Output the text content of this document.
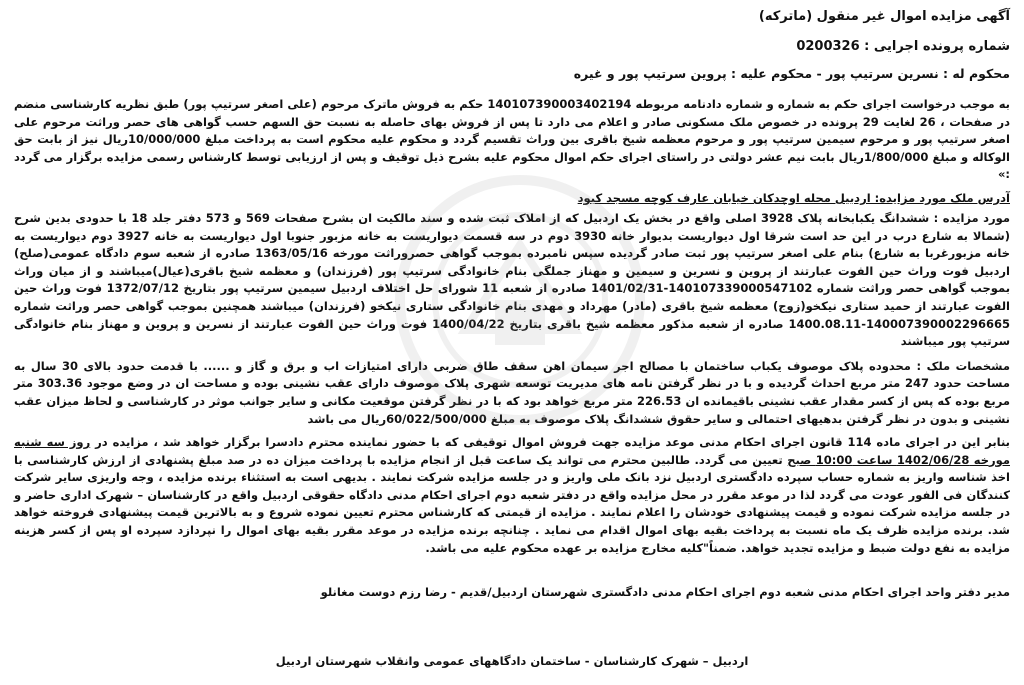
آگهی مزایده اموال غیر منقول (ماترکه)
شماره پرونده اجرایی : 0200326
محکوم له : نسرین سرتیپ پور - محکوم علیه : پروین سرتیپ پور و غیره

به موجب درخواست اجرای حکم به شماره و شماره دادنامه مربوطه 140107390003402194 حکم به فروش ماترک مرحوم (علی اصغر سرتیپ پور) طبق نظریه کارشناسی منضم در صفحات ، 26 لغایت 29 پرونده در خصوص ملک مسکونی صادر و اعلام می دارد تا پس از فروش بهای حاصله به نسبت حق السهم حسب گواهی های حصر وراثت مرحوم علی اصغر سرتیپ پور و مرحوم سیمین سرتیپ پور و مرحوم معظمه شیخ باقری بین وراث تقسیم گردد و محکوم علیه محکوم است به پرداخت مبلغ 10/000/000ریال نیز از بابت حق الوکاله و مبلغ 1/800/000ریال بابت نیم عشر دولتی در راستای اجرای حکم اموال محکوم علیه بشرح ذیل توقیف و پس از ارزیابی توسط کارشناس رسمی مزایده برگزار می گردد :»

آدرس ملک مورد مزایده: اردبیل محله اوچدکان خیابان عارف کوچه مسجد کبود

مورد مزایده : ششدانگ یکبابخانه پلاک 3928 اصلی واقع در بخش یک اردبیل که از املاک ثبت شده و سند مالکیت ان بشرح صفحات 569 و 573 دفتر جلد 18 با حدودی بدین شرح (شمالا به شارع درب در این حد است شرقا اول دیواریست بدیوار خانه 3930 دوم در سه قسمت دیواریست به خانه مزبور جنوبا اول دیواریست به خانه 3927 دوم دیواریست به خانه مزبورغربا به شارع) بنام علی اصغر سرتیپ پور ثبت صادر گردیده سپس نامبرده بموجب گواهی حصروراثت مورخه 1363/05/16 صادره از شعبه سوم دادگاه عمومی(صلح) اردبیل فوت وراث حین الفوت عبارتند از پروین و نسرین و سیمین و مهناز جملگی بنام خانوادگی سرتیپ پور (فرزندان) و معظمه شیخ باقری(عیال)میباشند و از میان وراث بموجب گواهی حصر وراثت شماره 140107339000547102-1401/02/31 صادره از شعبه 11 شورای حل اختلاف اردبیل سیمین سرتیپ پور بتاریخ 1372/07/12 فوت وراث حین الفوت عبارتند از حمید ستاری نیکخو(زوج) معظمه شیخ باقری (مادر) مهرداد و مهدی بنام خانوادگی ستاری نیکخو (فرزندان) میباشند همچنین بموجب گواهی حصر وراثت شماره 140007390002296665-1400.08.11 صادره از شعبه مذکور معظمه شیخ باقری بتاریخ 1400/04/22 فوت وراث حین الفوت عبارتند از نسرین و پروین و مهناز بنام خانوادگی سرتیپ پور میباشند

مشخصات ملک : محدوده پلاک موصوف یکباب ساختمان با مصالح اجر سیمان اهن سقف طاق ضربی دارای امتیازات اب و برق و گاز و ...... با قدمت حدود بالای 30 سال به مساحت حدود 247 متر مربع احداث گردیده و با در نظر گرفتن نامه های مدیریت توسعه شهری پلاک موصوف دارای عقب نشینی بوده و مساحت ان در وضع موجود 303.36 متر مربع بوده که پس از کسر مقدار عقب نشینی باقیمانده ان 226.53 متر مربع خواهد بود که با در نظر گرفتن موقعیت مکانی و سایر جوانب موثر در کارشناسی و لحاظ میزان عقب نشینی و بدون در نظر گرفتن بدهیهای احتمالی و سایر حقوق ششدانگ پلاک موصوف به مبلغ 60/022/500/000ریال می باشد

بنابر این در اجرای ماده 114 قانون اجرای احکام مدنی موعد مزایده جهت فروش اموال توقیفی که با حضور نماینده محترم دادسرا برگزار خواهد شد ، مزایده در روز سه شنبه مورخه 1402/06/28 ساعت 10:00 صبح تعیین می گردد. طالبین محترم می تواند یک ساعت قبل از انجام مزایده با پرداخت میزان ده در صد مبلغ پشنهادی از ارزش کارشناسی با اخذ شناسه واریز به شماره حساب سپرده دادگستری اردبیل نزد بانک ملی واریز و در جلسه مزایده شرکت نمایند . بدیهی است به استثناء برنده مزایده ، وجه واریزی سایر شرکت کنندگان فی الفور عودت می گردد لذا در موعد مقرر در محل مزایده واقع در دفتر شعبه دوم اجرای احکام مدنی دادگاه حقوقی اردبیل واقع در کارشناسان – شهرک اداری حاضر و در جلسه مزایده شرکت نموده و قیمت پیشنهادی خودشان را اعلام نمایند . مزایده از قیمتی که کارشناس محترم تعیین نموده شروع و به بالاترین قیمت پیشنهادی فروخته خواهد شد. برنده مزایده ظرف یک ماه نسبت به پرداخت بقیه بهای اموال اقدام می نماید . چنانچه برنده مزایده در موعد مقرر بقیه بهای اموال را نپردازد سپرده او پس از کسر هزینه مزایده به نفع دولت ضبط و مزایده تجدید خواهد. ضمناً"کلیه مخارج مزایده بر عهده محکوم علیه می باشد.

مدیر دفتر واحد اجرای احکام مدنی شعبه دوم اجرای احکام مدنی دادگستری شهرستان اردبیل/قدیم - رضا رزم دوست مغانلو
اردبیل – شهرک کارشناسان - ساختمان دادگاههای عمومی وانقلاب شهرستان اردبیل
